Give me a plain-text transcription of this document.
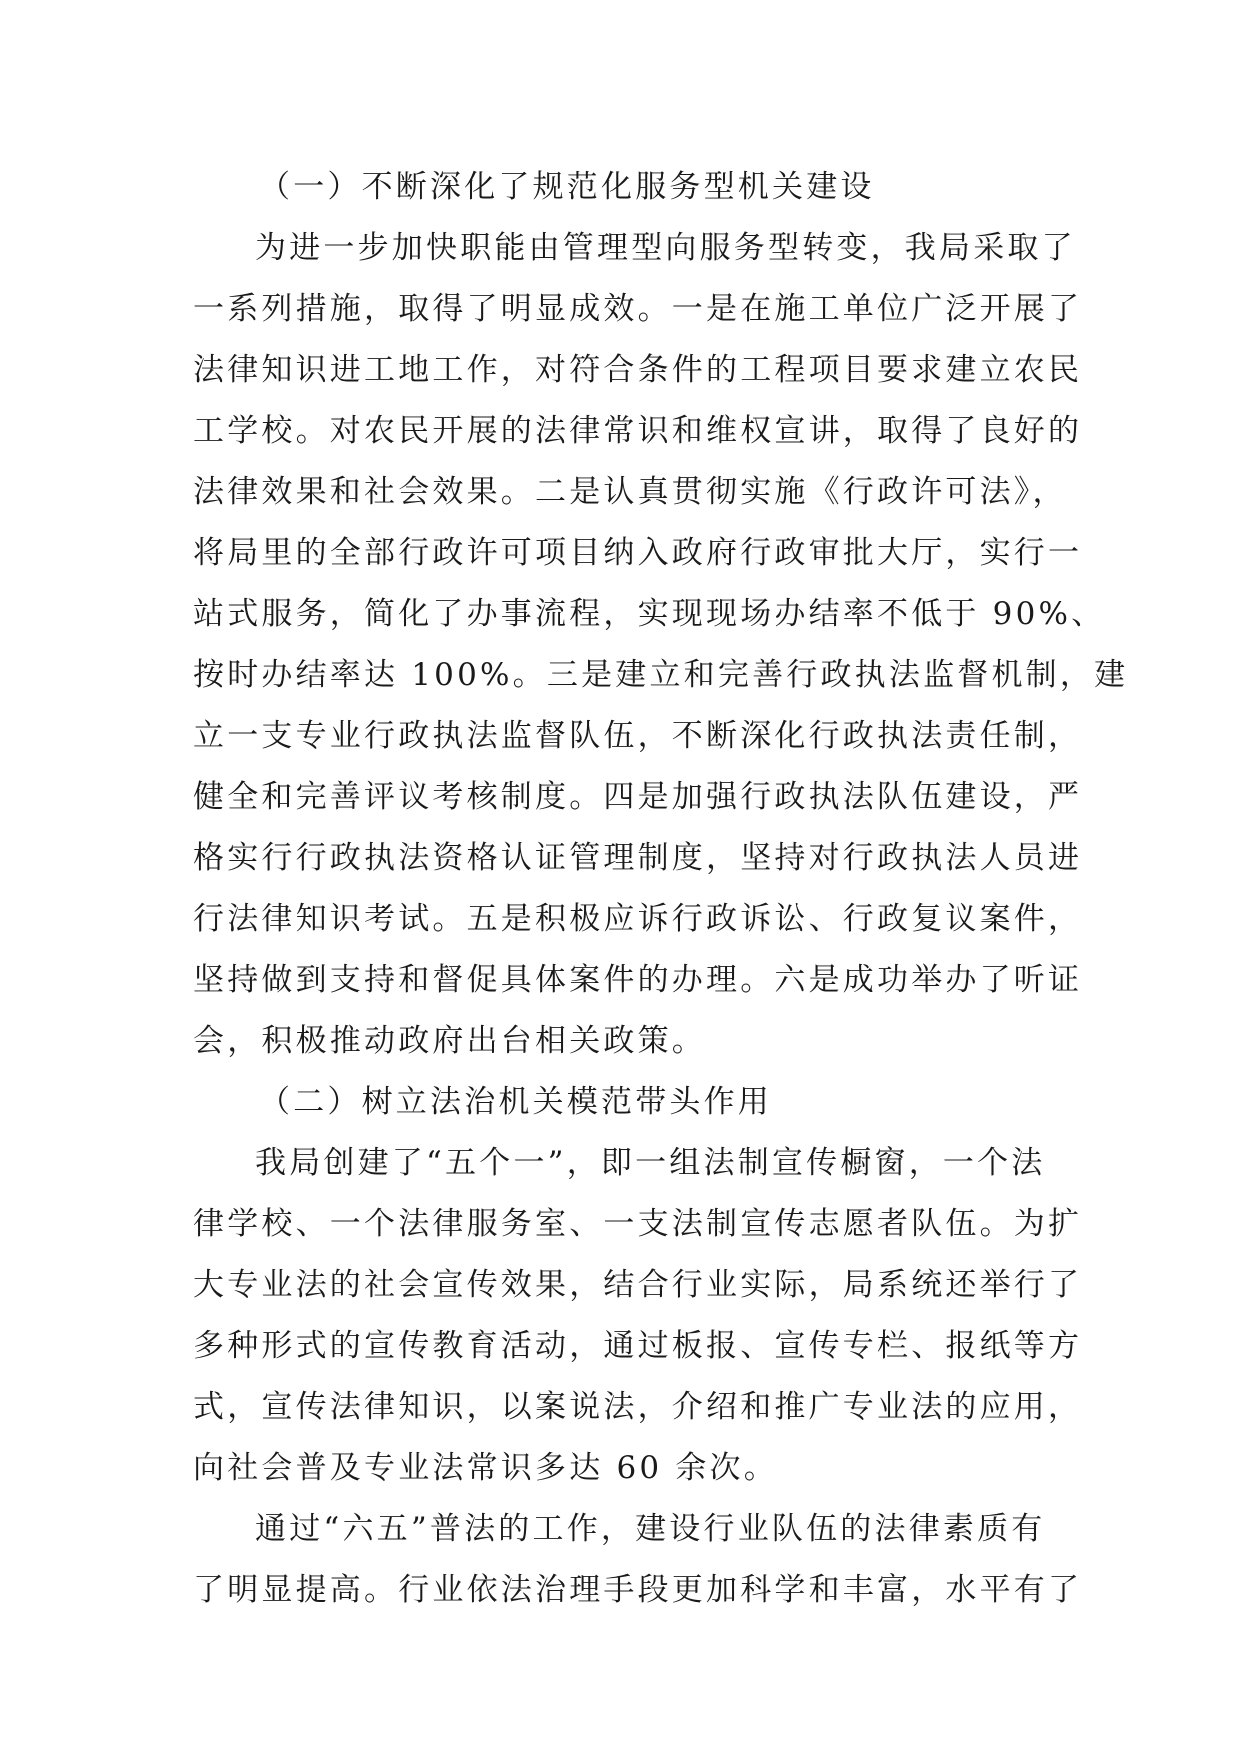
（一）不断深化了规范化服务型机关建设
为进一步加快职能由管理型向服务型转变，我局采取了
一系列措施，取得了明显成效。一是在施工单位广泛开展了
法律知识进工地工作，对符合条件的工程项目要求建立农民
工学校。对农民开展的法律常识和维权宣讲，取得了良好的
法律效果和社会效果。二是认真贯彻实施《行政许可法》，
将局里的全部行政许可项目纳入政府行政审批大厅，实行一
站式服务，简化了办事流程，实现现场办结率不低于 90%、
按时办结率达 100%。三是建立和完善行政执法监督机制，建
立一支专业行政执法监督队伍，不断深化行政执法责任制，
健全和完善评议考核制度。四是加强行政执法队伍建设，严
格实行行政执法资格认证管理制度，坚持对行政执法人员进
行法律知识考试。五是积极应诉行政诉讼、行政复议案件，
坚持做到支持和督促具体案件的办理。六是成功举办了听证
会，积极推动政府出台相关政策。
（二）树立法治机关模范带头作用
我局创建了“五个一”，即一组法制宣传橱窗，一个法
律学校、一个法律服务室、一支法制宣传志愿者队伍。为扩
大专业法的社会宣传效果，结合行业实际，局系统还举行了
多种形式的宣传教育活动，通过板报、宣传专栏、报纸等方
式，宣传法律知识，以案说法，介绍和推广专业法的应用，
向社会普及专业法常识多达 60 余次。
通过“六五”普法的工作，建设行业队伍的法律素质有
了明显提高。行业依法治理手段更加科学和丰富，水平有了
